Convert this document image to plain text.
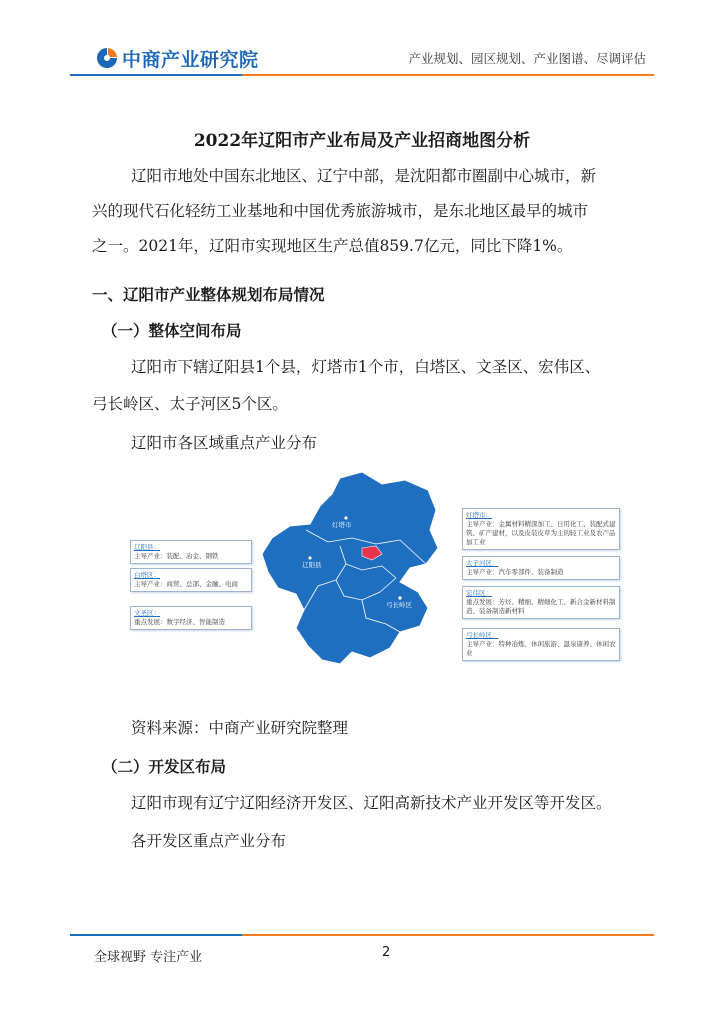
中商产业研究院	产业规划、园区规划、产业图谱、尽调评估
2022年辽阳市产业布局及产业招商地图分析
辽阳市地处中国东北地区、辽宁中部，是沈阳都市圈副中心城市，新
兴的现代石化轻纺工业基地和中国优秀旅游城市，是东北地区最早的城市
之一。2021年，辽阳市实现地区生产总值859.7亿元，同比下降1%。
一、辽阳市产业整体规划布局情况
（一）整体空间布局
辽阳市下辖辽阳县1个县，灯塔市1个市，白塔区、文圣区、宏伟区、
弓长岭区、太子河区5个区。
辽阳市各区域重点产业分布
灯塔市
辽阳县
弓长岭区
辽阳县：
主导产业：装配、冶金、钢铁
白塔区：
主导产业：商贸、总部、金融、电商
文圣区：
重点发展：数字经济、智能制造
灯塔市：
主导产业：金属材料精深加工、日用化工、装配式建筑、矿产建材，以及皮装皮草为主的轻工业及农产品加工业
太子河区：
主导产业：汽车零部件、装备制造
宏伟区：
重点发展：芳烃、精细、精细化工、新合金新材料制造、装备制造新材料
弓长岭区：
主导产业：特种冶炼、休闲旅游、温泉康养、休闲农业
资料来源：中商产业研究院整理
（二）开发区布局
辽阳市现有辽宁辽阳经济开发区、辽阳高新技术产业开发区等开发区。
各开发区重点产业分布
全球视野 专注产业	2
